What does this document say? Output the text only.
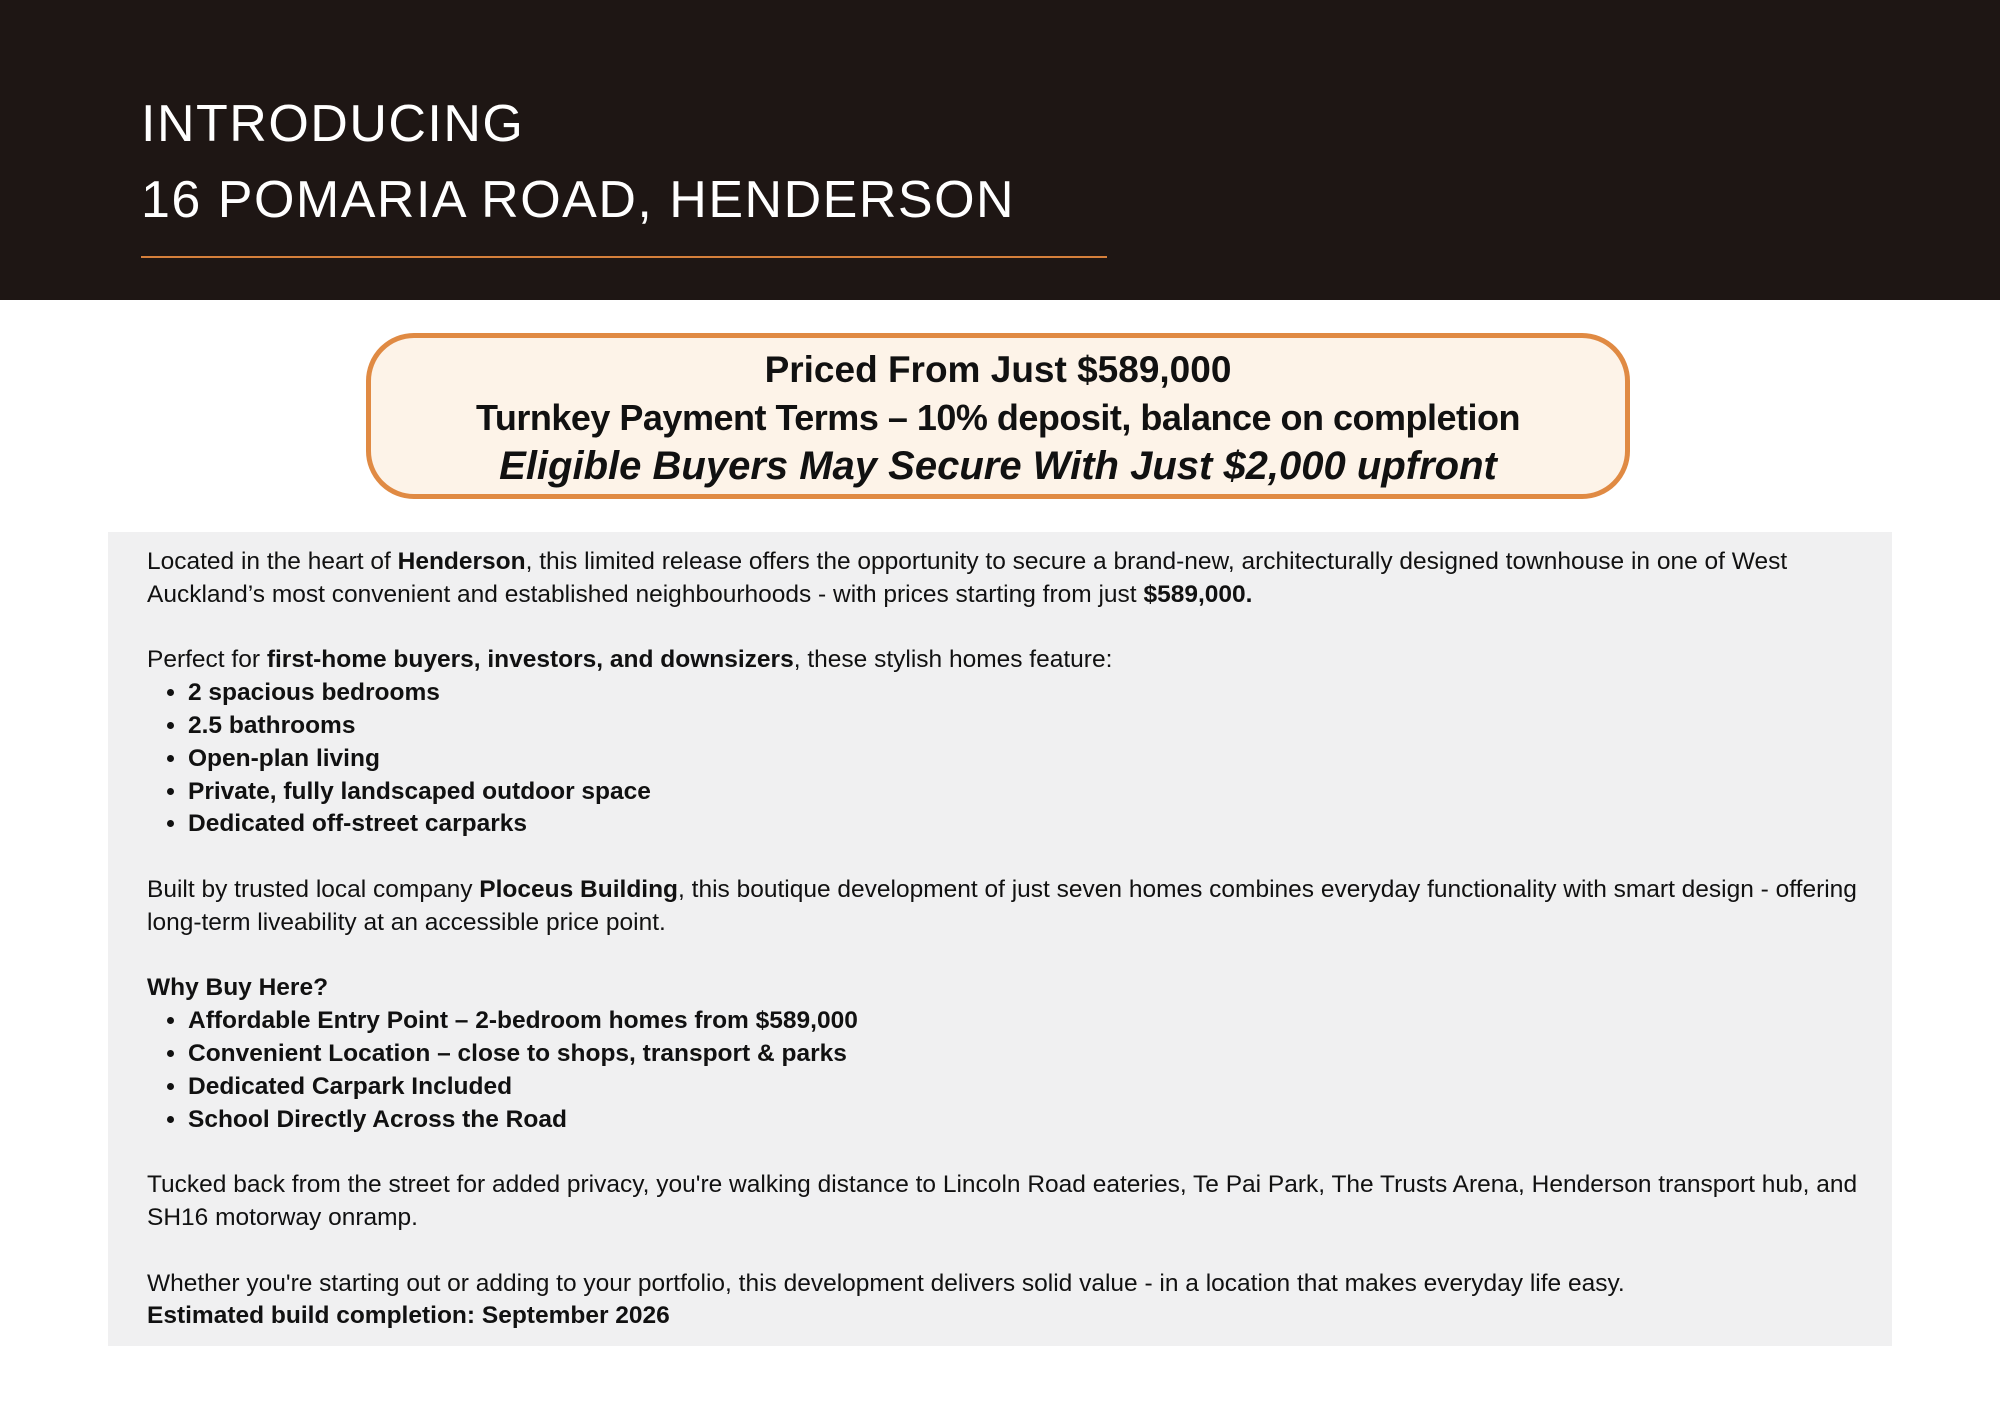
INTRODUCING
16 POMARIA ROAD, HENDERSON

Priced From Just $589,000

Turnkey Payment Terms – 10% deposit, balance on completion

Eligible Buyers May Secure With Just $2,000 upfront

Located in the heart of Henderson, this limited release offers the opportunity to secure a brand-new, architecturally designed townhouse in one of West Auckland’s most convenient and established neighbourhoods - with prices starting from just $589,000.

Perfect for first-home buyers, investors, and downsizers, these stylish homes feature:

• 2 spacious bedrooms
• 2.5 bathrooms
• Open-plan living
• Private, fully landscaped outdoor space
• Dedicated off-street carparks

Built by trusted local company Ploceus Building, this boutique development of just seven homes combines everyday functionality with smart design - offering long-term liveability at an accessible price point.

Why Buy Here?

• Affordable Entry Point – 2-bedroom homes from $589,000
• Convenient Location – close to shops, transport & parks
• Dedicated Carpark Included
• School Directly Across the Road

Tucked back from the street for added privacy, you're walking distance to Lincoln Road eateries, Te Pai Park, The Trusts Arena, Henderson transport hub, and SH16 motorway onramp.

Whether you're starting out or adding to your portfolio, this development delivers solid value - in a location that makes everyday life easy.

Estimated build completion: September 2026
